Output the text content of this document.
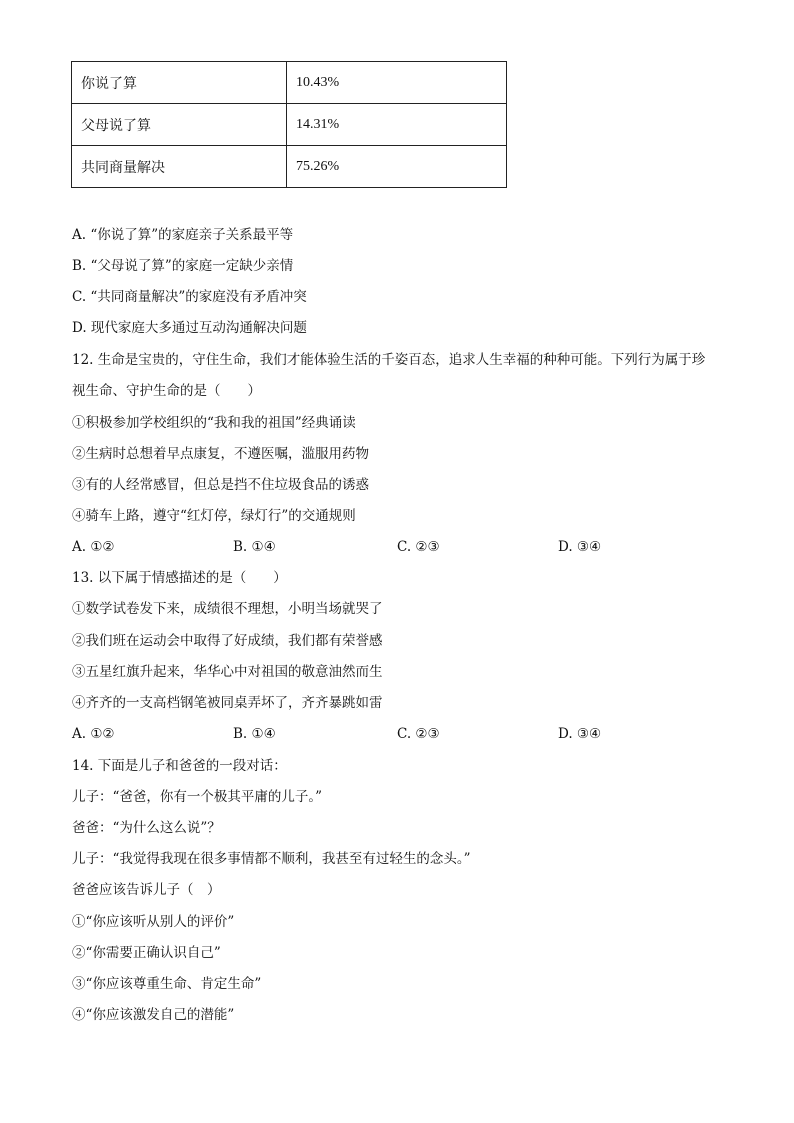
你说了算	10.43%
父母说了算	14.31%
共同商量解决	75.26%
A. “你说了算”的家庭亲子关系最平等
B. “父母说了算”的家庭一定缺少亲情
C. “共同商量解决”的家庭没有矛盾冲突
D. 现代家庭大多通过互动沟通解决问题
12. 生命是宝贵的，守住生命，我们才能体验生活的千姿百态，追求人生幸福的种种可能。下列行为属于珍
视生命、守护生命的是（　　）
①积极参加学校组织的“我和我的祖国”经典诵读
②生病时总想着早点康复，不遵医嘱，滥服用药物
③有的人经常感冒，但总是挡不住垃圾食品的诱惑
④骑车上路，遵守“红灯停，绿灯行”的交通规则
A. ①②	B. ①④	C. ②③	D. ③④
13. 以下属于情感描述的是（　　）
①数学试卷发下来，成绩很不理想，小明当场就哭了
②我们班在运动会中取得了好成绩，我们都有荣誉感
③五星红旗升起来，华华心中对祖国的敬意油然而生
④齐齐的一支高档钢笔被同桌弄坏了，齐齐暴跳如雷
A. ①②	B. ①④	C. ②③	D. ③④
14. 下面是儿子和爸爸的一段对话：
儿子：“爸爸，你有一个极其平庸的儿子。”
爸爸：“为什么这么说”？
儿子：“我觉得我现在很多事情都不顺利，我甚至有过轻生的念头。”
爸爸应该告诉儿子（　）
①“你应该听从别人的评价”
②“你需要正确认识自己”
③“你应该尊重生命、肯定生命”
④“你应该激发自己的潜能”
